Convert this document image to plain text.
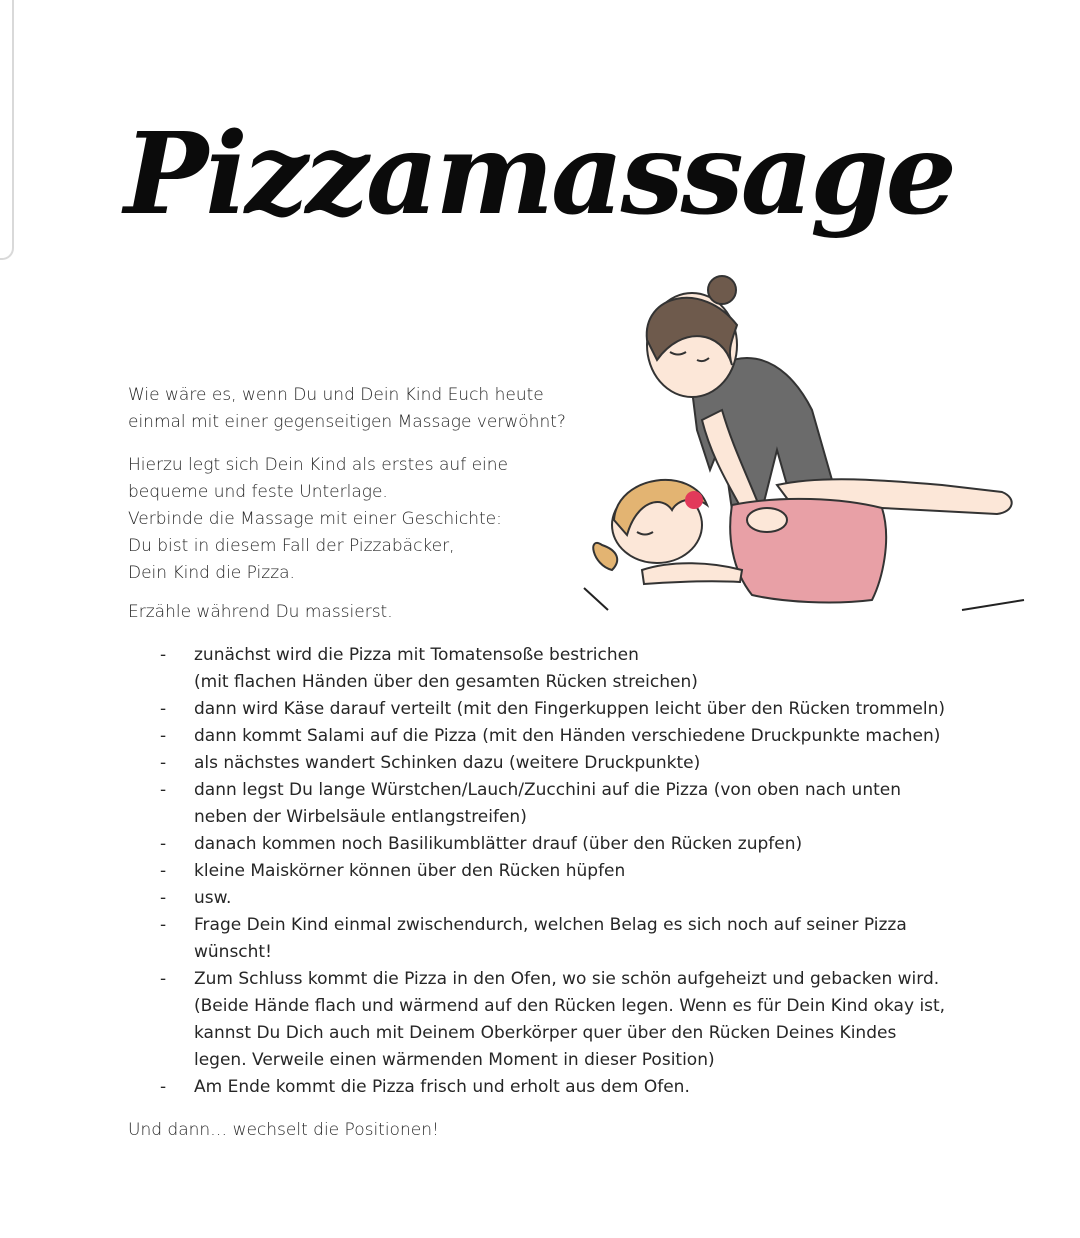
Pizzamassage

Wie wäre es, wenn Du und Dein Kind Euch heute einmal mit einer gegenseitigen Massage verwöhnt?

Hierzu legt sich Dein Kind als erstes auf eine
bequeme und feste Unterlage.
Verbinde die Massage mit einer Geschichte:
Du bist in diesem Fall der Pizzabäcker,
Dein Kind die Pizza.

Erzähle während Du massierst.

- zunächst wird die Pizza mit Tomatensoße bestrichen
(mit flachen Händen über den gesamten Rücken streichen)
- dann wird Käse darauf verteilt (mit den Fingerkuppen leicht über den Rücken trommeln)
- dann kommt Salami auf die Pizza (mit den Händen verschiedene Druckpunkte machen)
- als nächstes wandert Schinken dazu (weitere Druckpunkte)
- dann legst Du lange Würstchen/Lauch/Zucchini auf die Pizza (von oben nach unten
neben der Wirbelsäule entlangstreifen)
- danach kommen noch Basilikumblätter drauf (über den Rücken zupfen)
- kleine Maiskörner können über den Rücken hüpfen
- usw.
- Frage Dein Kind einmal zwischendurch, welchen Belag es sich noch auf seiner Pizza
wünscht!
- Zum Schluss kommt die Pizza in den Ofen, wo sie schön aufgeheizt und gebacken wird.
(Beide Hände flach und wärmend auf den Rücken legen. Wenn es für Dein Kind okay ist,
kannst Du Dich auch mit Deinem Oberkörper quer über den Rücken Deines Kindes
legen. Verweile einen wärmenden Moment in dieser Position)
- Am Ende kommt die Pizza frisch und erholt aus dem Ofen.

Und dann… wechselt die Positionen!
